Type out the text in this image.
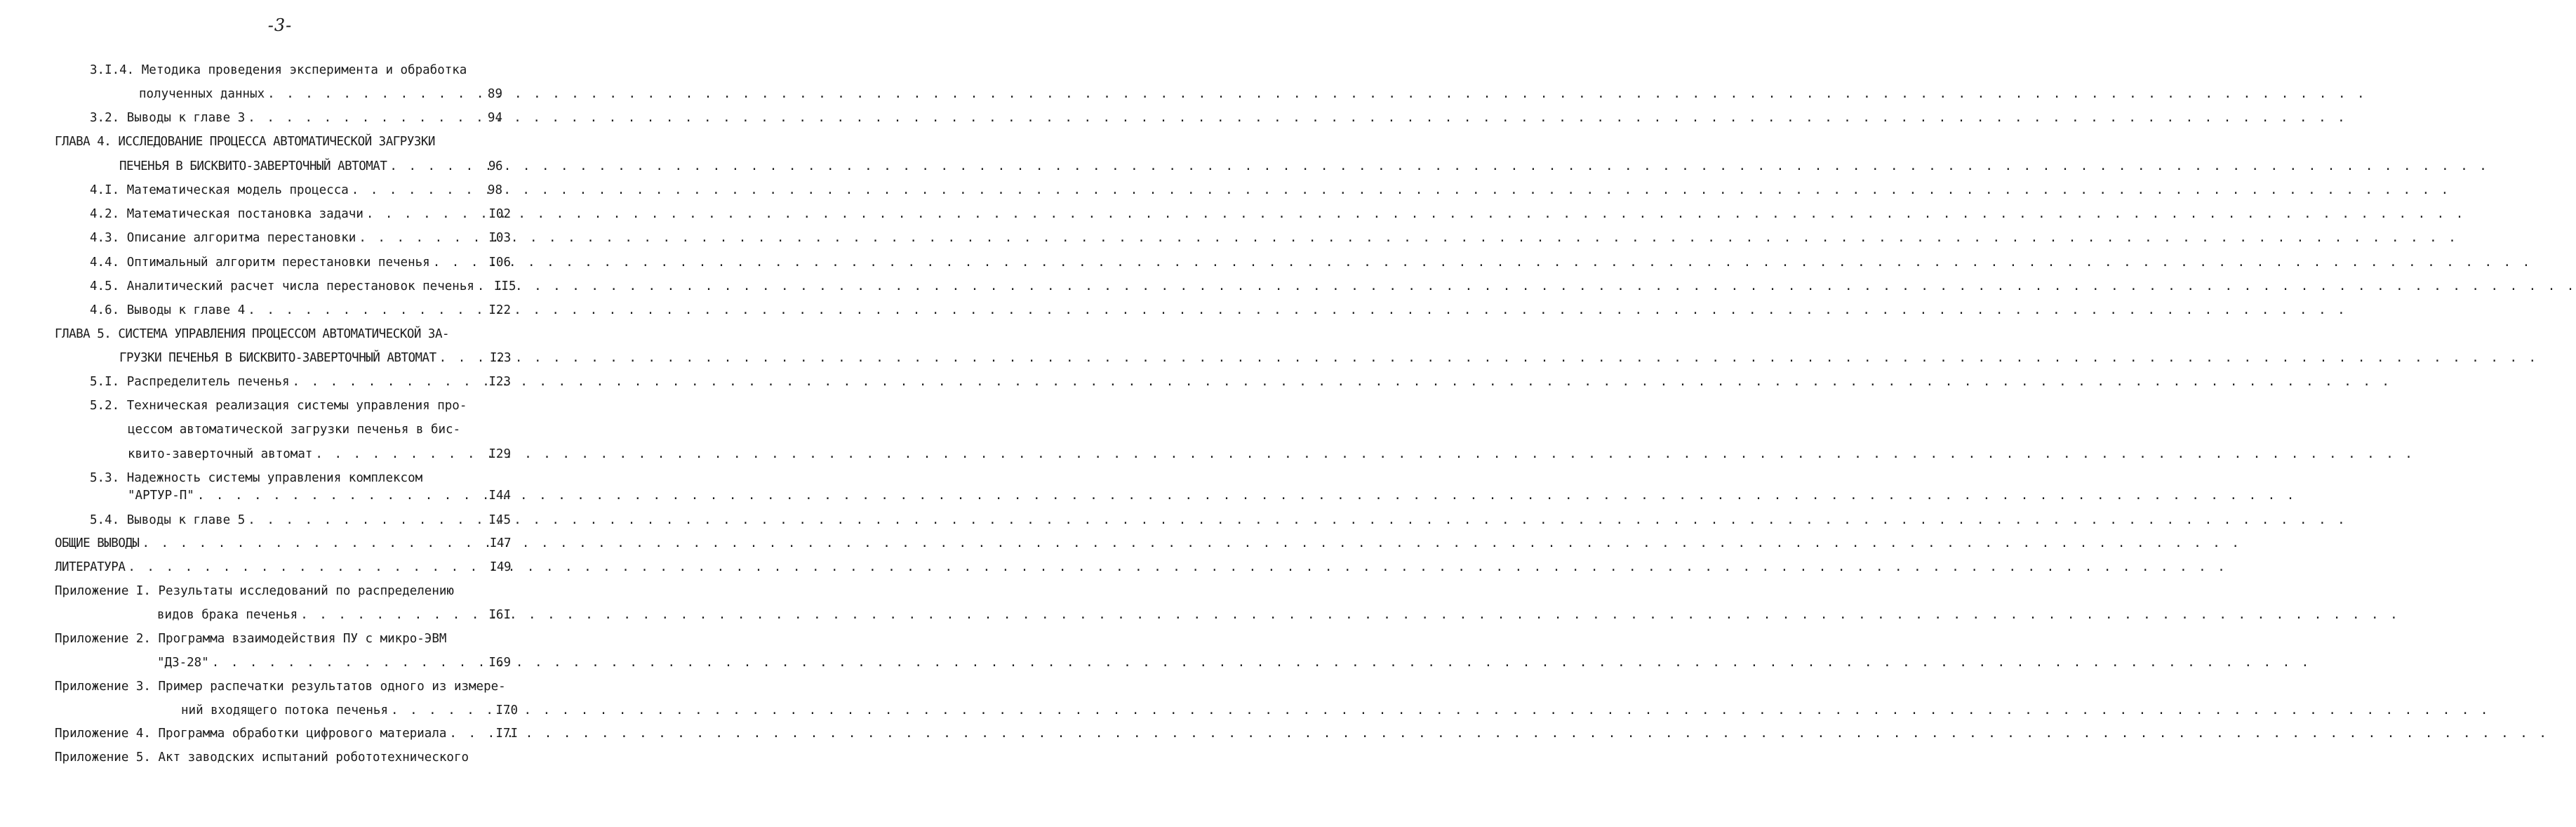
-3-
3.I.4. Методика проведения эксперимента и обработка
полученных данных . . .	89
3.2. Выводы к главе 3 . . .	94
ГЛАВА 4. ИССЛЕДОВАНИЕ ПРОЦЕССА АВТОМАТИЧЕСКОЙ ЗАГРУЗКИ
ПЕЧЕНЬЯ В БИСКВИТО-ЗАВЕРТОЧНЫЙ АВТОМАТ . . .	96
4.I. Математическая модель процесса . . .	98
4.2. Математическая постановка задачи . . .	I02
4.3. Описание алгоритма перестановки . . .	I03
4.4. Оптимальный алгоритм перестановки печенья . . .	I06
4.5. Аналитический расчет числа перестановок печенья . . . II5
4.6. Выводы к главе 4 . . .	I22
ГЛАВА 5. СИСТЕМА УПРАВЛЕНИЯ ПРОЦЕССОМ АВТОМАТИЧЕСКОЙ ЗА-
ГРУЗКИ ПЕЧЕНЬЯ В БИСКВИТО-ЗАВЕРТОЧНЫЙ АВТОМАТ . . .	I23
5.I. Распределитель печенья . . .	I23
5.2. Техническая реализация системы управления про-
цессом автоматической загрузки печенья в бис-
квито-заверточный автомат . . .	I29
5.3. Надежность системы управления комплексом
"АРТУР-П" . . .	I44
5.4. Выводы к главе 5 . . .	I45
ОБЩИЕ ВЫВОДЫ . . .	I47
ЛИТЕРАТУРА . . .	I49
Приложение I. Результаты исследований по распределению
видов брака печенья . . .	I6I
Приложение 2. Программа взаимодействия ПУ с микро-ЭВМ
"ДЗ-28" . . .	I69
Приложение 3. Пример распечатки результатов одного из измере-
ний входящего потока печенья . . .	I70
Приложение 4. Программа обработки цифрового материала . . .	I7I
Приложение 5. Акт заводских испытаний робототехнического
